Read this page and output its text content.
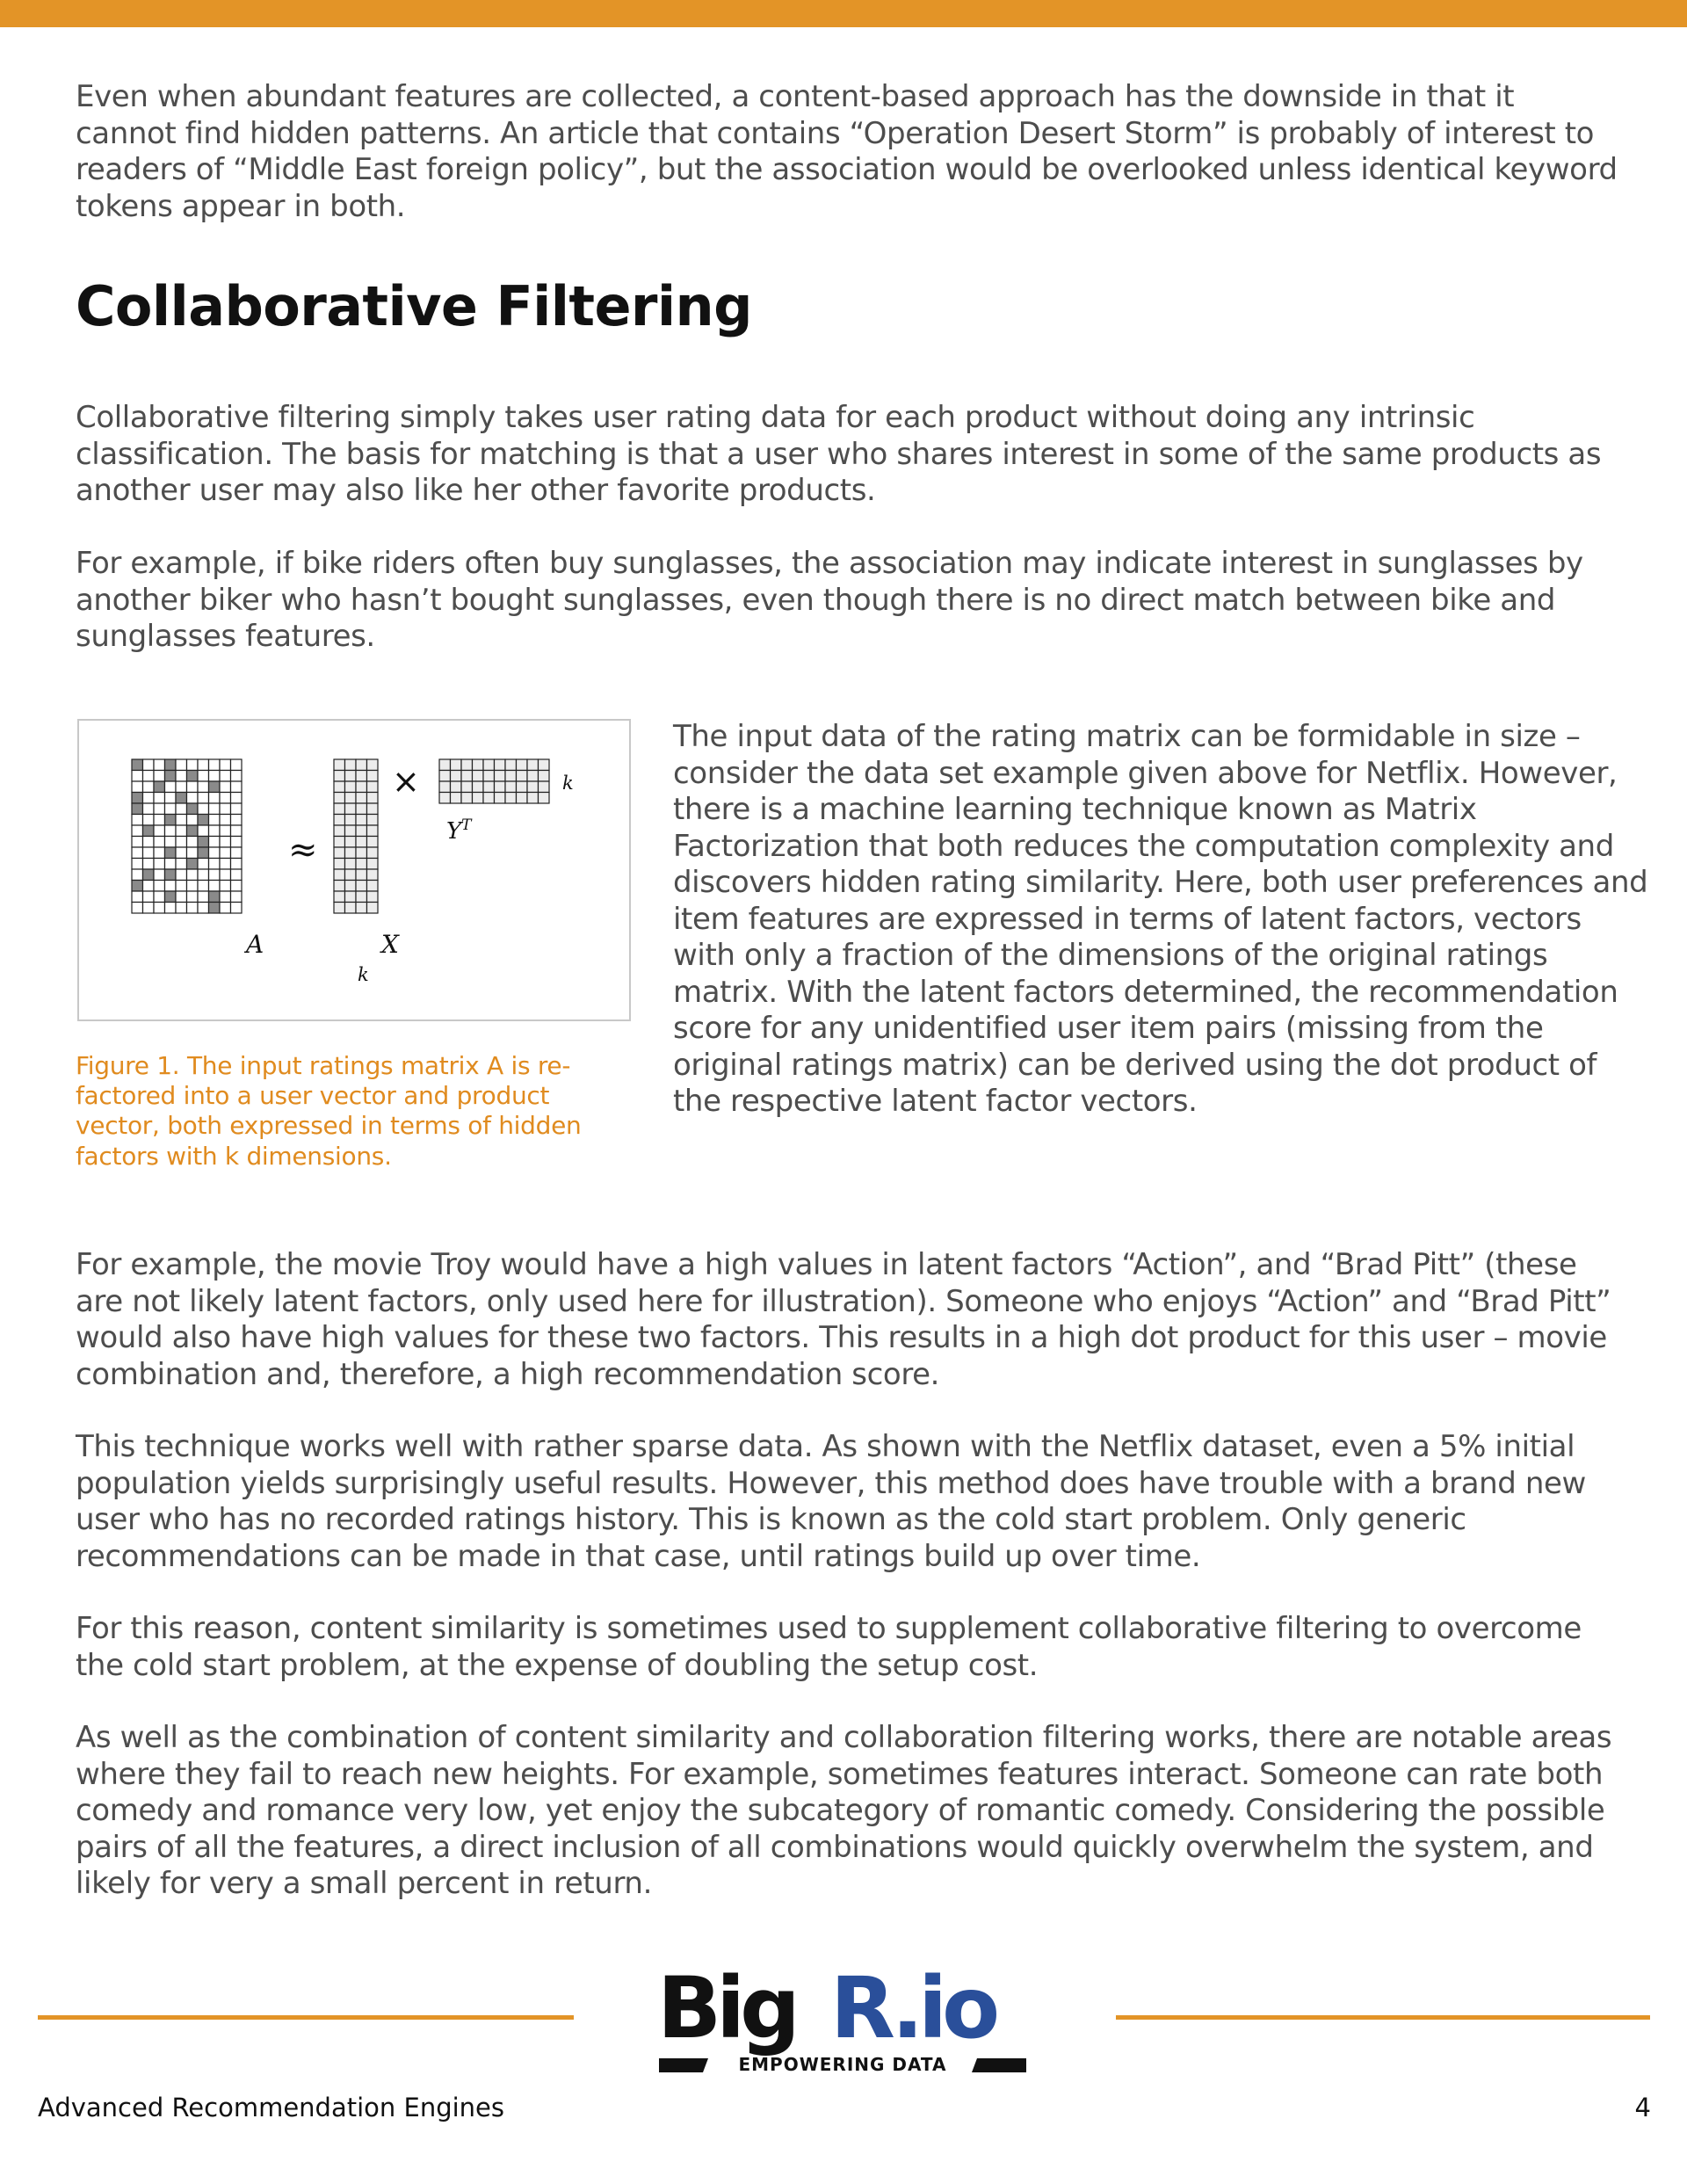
Even when abundant features are collected, a content-based approach has the downside in that it cannot find hidden patterns. An article that contains “Operation Desert Storm” is probably of interest to readers of “Middle East foreign policy”, but the association would be overlooked unless identical keyword tokens appear in both.

Collaborative Filtering

Collaborative filtering simply takes user rating data for each product without doing any intrinsic classification. The basis for matching is that a user who shares interest in some of the same products as another user may also like her other favorite products.

For example, if bike riders often buy sunglasses, the association may indicate interest in sunglasses by another biker who hasn’t bought sunglasses, even though there is no direct match between bike and sunglasses features.

≈
×
A	X
k
k
$Y^T$

Figure 1. The input ratings matrix A is re-factored into a user vector and product vector, both expressed in terms of hidden factors with k dimensions.

The input data of the rating matrix can be formidable in size – consider the data set example given above for Netflix. However, there is a machine learning technique known as Matrix Factorization that both reduces the computation complexity and discovers hidden rating similarity. Here, both user preferences and item features are expressed in terms of latent factors, vectors with only a fraction of the dimensions of the original ratings matrix. With the latent factors determined, the recommendation score for any unidentified user item pairs (missing from the original ratings matrix) can be derived using the dot product of the respective latent factor vectors.

For example, the movie Troy would have a high values in latent factors “Action”, and “Brad Pitt” (these are not likely latent factors, only used here for illustration). Someone who enjoys “Action” and “Brad Pitt” would also have high values for these two factors. This results in a high dot product for this user – movie combination and, therefore, a high recommendation score.

This technique works well with rather sparse data. As shown with the Netflix dataset, even a 5% initial population yields surprisingly useful results. However, this method does have trouble with a brand new user who has no recorded ratings history. This is known as the cold start problem. Only generic recommendations can be made in that case, until ratings build up over time.

For this reason, content similarity is sometimes used to supplement collaborative filtering to overcome the cold start problem, at the expense of doubling the setup cost.

As well as the combination of content similarity and collaboration filtering works, there are notable areas where they fail to reach new heights. For example, sometimes features interact. Someone can rate both comedy and romance very low, yet enjoy the subcategory of romantic comedy. Considering the possible pairs of all the features, a direct inclusion of all combinations would quickly overwhelm the system, and likely for very a small percent in return.

Big R.io
EMPOWERING DATA

Advanced Recommendation Engines	4
